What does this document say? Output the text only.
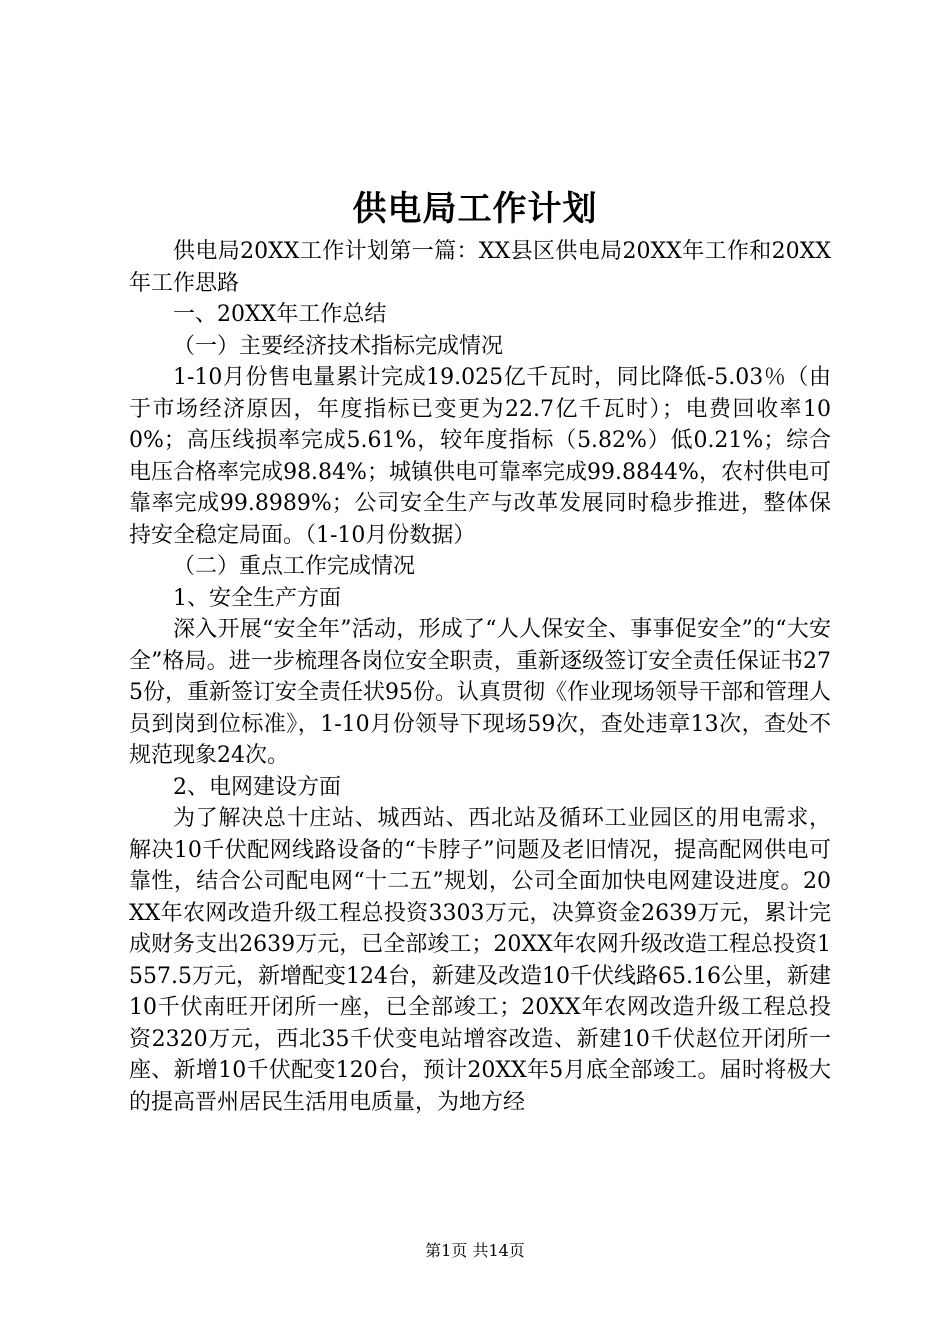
供电局工作计划

供电局20XX工作计划第一篇：XX县区供电局20XX年工作和20XX年工作思路

一、20XX年工作总结

（一）主要经济技术指标完成情况

1-10月份售电量累计完成19.025亿千瓦时，同比降低-5.03％（由于市场经济原因，年度指标已变更为22.7亿千瓦时）；电费回收率100%；高压线损率完成5.61%，较年度指标（5.82%）低0.21%；综合电压合格率完成98.84%；城镇供电可靠率完成99.8844%，农村供电可靠率完成99.8989%；公司安全生产与改革发展同时稳步推进，整体保持安全稳定局面。（1-10月份数据）

（二）重点工作完成情况

1、安全生产方面

深入开展“安全年”活动，形成了“人人保安全、事事促安全”的“大安全”格局。进一步梳理各岗位安全职责，重新逐级签订安全责任保证书275份，重新签订安全责任状95份。认真贯彻《作业现场领导干部和管理人员到岗到位标准》，1-10月份领导下现场59次，查处违章13次，查处不规范现象24次。

2、电网建设方面

为了解决总十庄站、城西站、西北站及循环工业园区的用电需求，解决10千伏配网线路设备的“卡脖子”问题及老旧情况，提高配网供电可靠性，结合公司配电网“十二五”规划，公司全面加快电网建设进度。20XX年农网改造升级工程总投资3303万元，决算资金2639万元，累计完成财务支出2639万元，已全部竣工；20XX年农网升级改造工程总投资1557.5万元，新增配变124台，新建及改造10千伏线路65.16公里，新建10千伏南旺开闭所一座，已全部竣工；20XX年农网改造升级工程总投资2320万元，西北35千伏变电站增容改造、新建10千伏赵位开闭所一座、新增10千伏配变120台，预计20XX年5月底全部竣工。届时将极大的提高晋州居民生活用电质量，为地方经

第1页 共14页
